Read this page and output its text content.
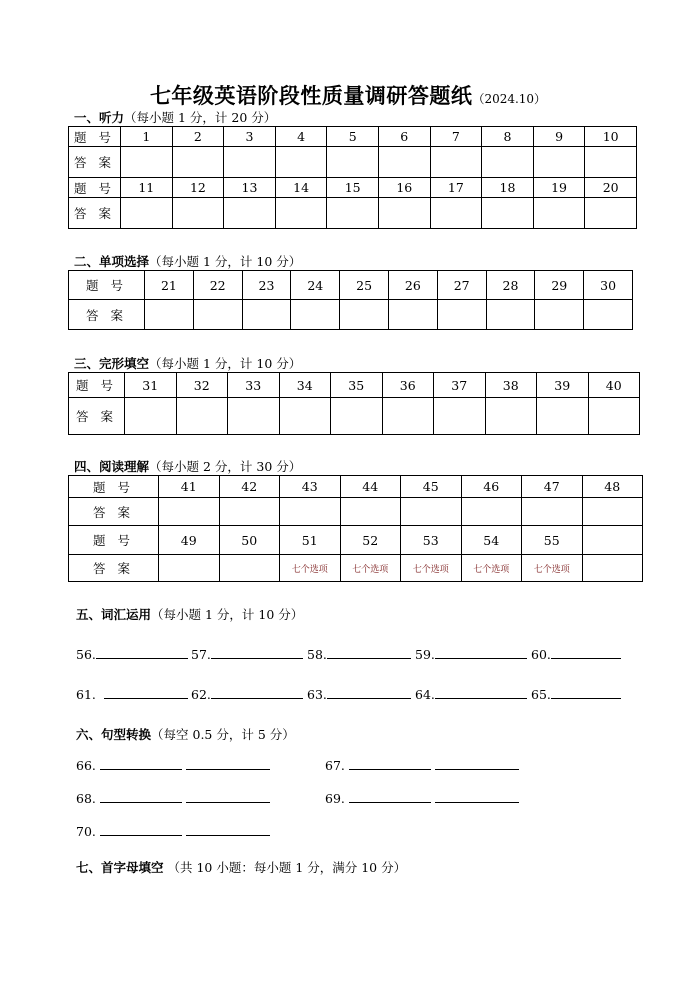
七年级英语阶段性质量调研答题纸（2024.10）
一、听力（每小题 1 分，计 20 分）
题 号	1	2	3	4	5	6	7	8	9	10
答 案										
题 号	11	12	13	14	15	16	17	18	19	20
答 案										
二、单项选择（每小题 1 分，计 10 分）
题 号	21	22	23	24	25	26	27	28	29	30
答 案										
三、完形填空（每小题 1 分，计 10 分）
题 号	31	32	33	34	35	36	37	38	39	40
答 案										
四、阅读理解（每小题 2 分，计 30 分）
题 号	41	42	43	44	45	46	47	48
答 案								
题 号	49	50	51	52	53	54	55	
答 案			七个选项	七个选项	七个选项	七个选项	七个选项	
五、词汇运用（每小题 1 分，计 10 分）
56.	57.	58.	59.	60.
61.	62.	63.	64.	65.
六、句型转换（每空 0.5 分，计 5 分）
66.	67.
68.	69.
70.
七、首字母填空 （共 10 小题：每小题 1 分，满分 10 分）
